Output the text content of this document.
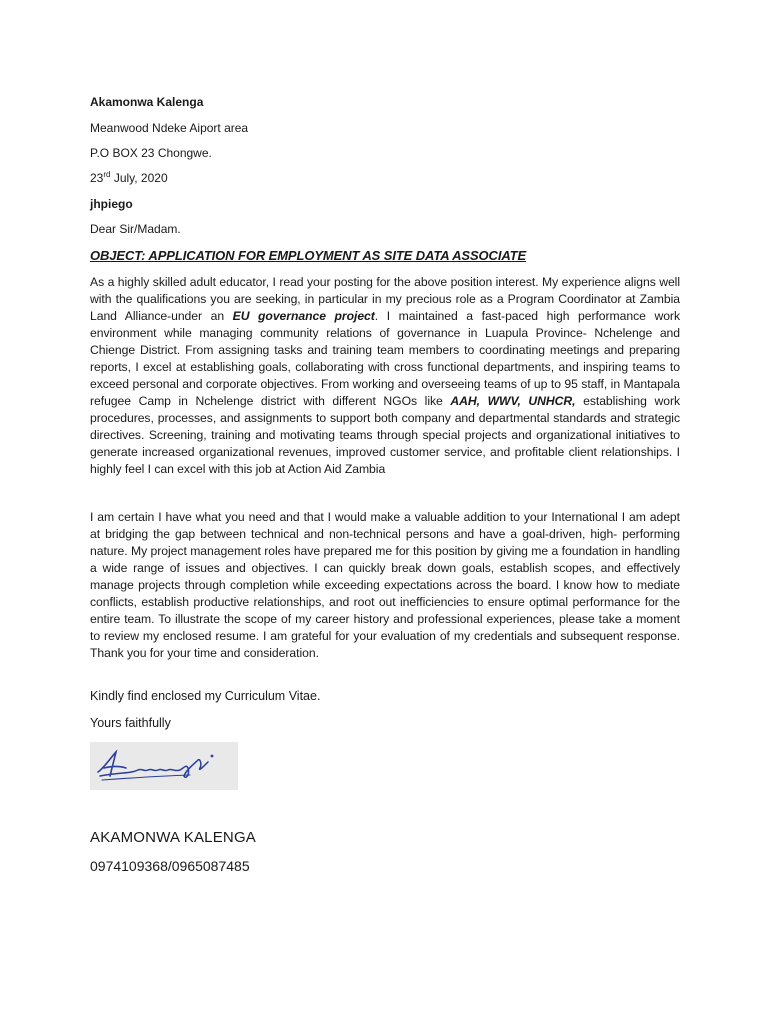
Akamonwa Kalenga
Meanwood Ndeke Aiport area
P.O BOX 23 Chongwe.
23rd July, 2020
jhpiego
Dear Sir/Madam.
OBJECT: APPLICATION FOR EMPLOYMENT AS SITE DATA ASSOCIATE
As a highly skilled adult educator, I read your posting for the above position interest. My experience aligns well with the qualifications you are seeking, in particular in my precious role as a Program Coordinator at Zambia Land Alliance-under an EU governance project. I maintained a fast-paced high performance work environment while managing community relations of governance in Luapula Province- Nchelenge and Chienge District. From assigning tasks and training team members to coordinating meetings and preparing reports, I excel at establishing goals, collaborating with cross functional departments, and inspiring teams to exceed personal and corporate objectives. From working and overseeing teams of up to 95 staff, in Mantapala refugee Camp in Nchelenge district with different NGOs like AAH, WWV, UNHCR, establishing work procedures, processes, and assignments to support both company and departmental standards and strategic directives. Screening, training and motivating teams through special projects and organizational initiatives to generate increased organizational revenues, improved customer service, and profitable client relationships. I highly feel I can excel with this job at Action Aid Zambia
I am certain I have what you need and that I would make a valuable addition to your International I am adept at bridging the gap between technical and non-technical persons and have a goal-driven, high- performing nature. My project management roles have prepared me for this position by giving me a foundation in handling a wide range of issues and objectives. I can quickly break down goals, establish scopes, and effectively manage projects through completion while exceeding expectations across the board. I know how to mediate conflicts, establish productive relationships, and root out inefficiencies to ensure optimal performance for the entire team. To illustrate the scope of my career history and professional experiences, please take a moment to review my enclosed resume. I am grateful for your evaluation of my credentials and subsequent response. Thank you for your time and consideration.
Kindly find enclosed my Curriculum Vitae.
Yours faithfully
AKAMONWA KALENGA
0974109368/0965087485
